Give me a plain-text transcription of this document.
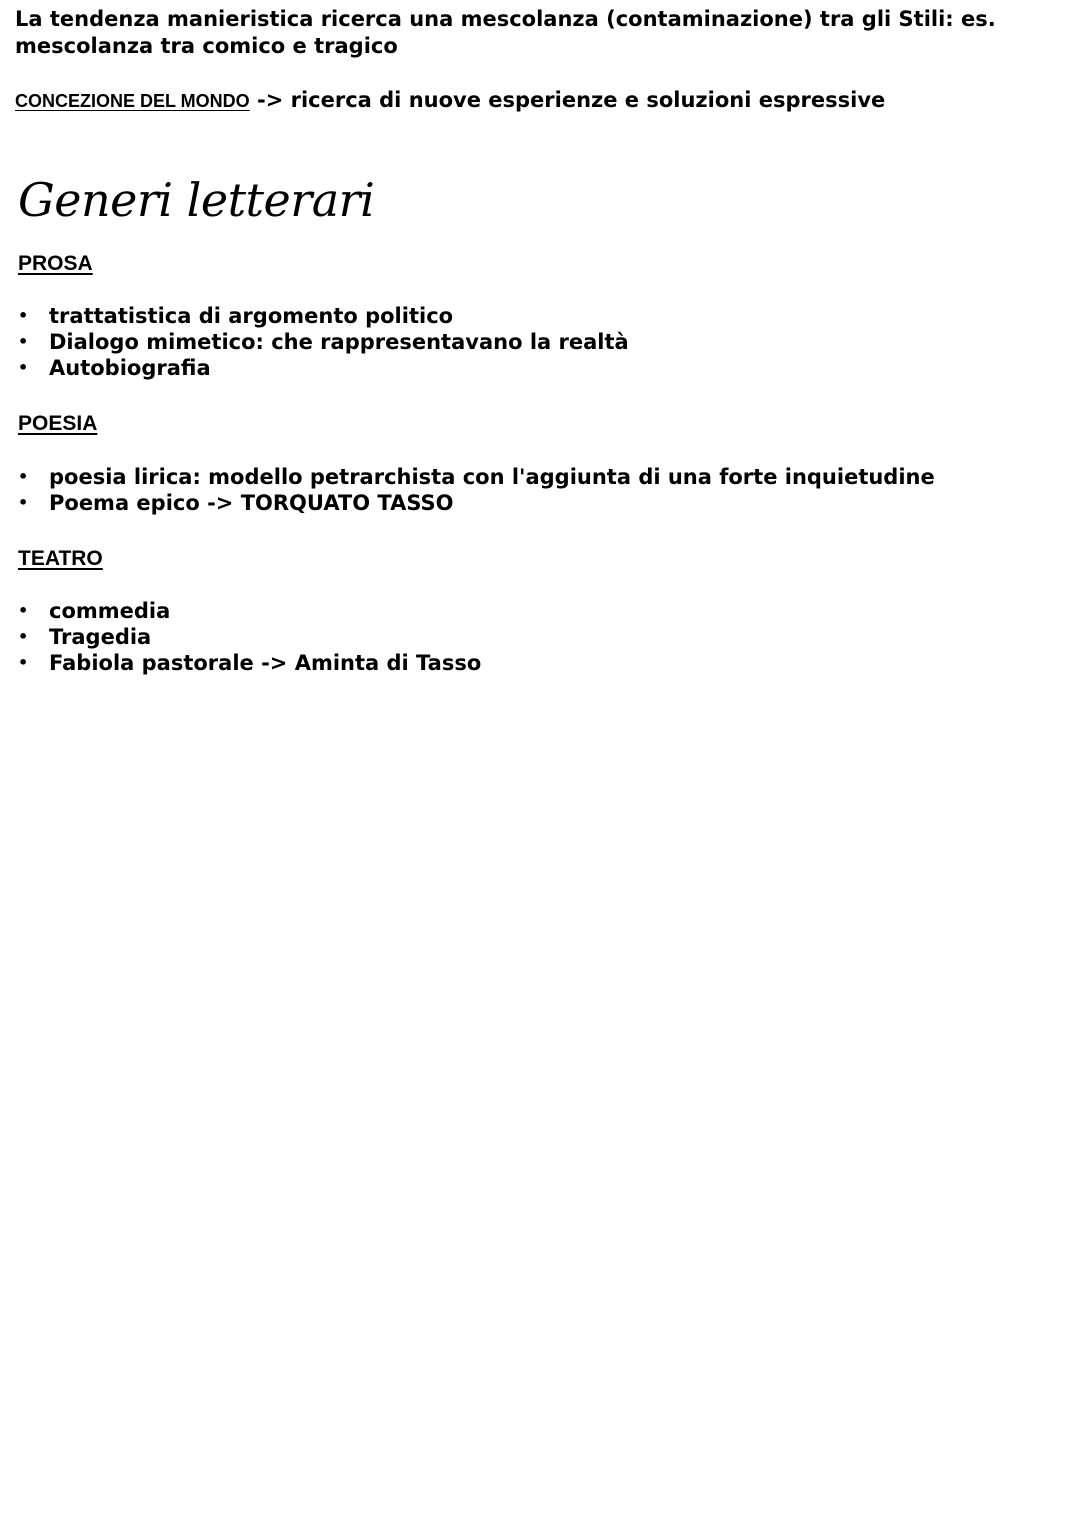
La tendenza manieristica ricerca una mescolanza (contaminazione) tra gli Stili: es. mescolanza tra comico e tragico

CONCEZIONE DEL MONDO -> ricerca di nuove esperienze e soluzioni espressive

Generi letterari
PROSA
• trattatistica di argomento politico
• Dialogo mimetico: che rappresentavano la realtà
• Autobiografia
POESIA
• poesia lirica: modello petrarchista con l'aggiunta di una forte inquietudine
• Poema epico -> TORQUATO TASSO
TEATRO
• commedia
• Tragedia
• Fabiola pastorale -> Aminta di Tasso
